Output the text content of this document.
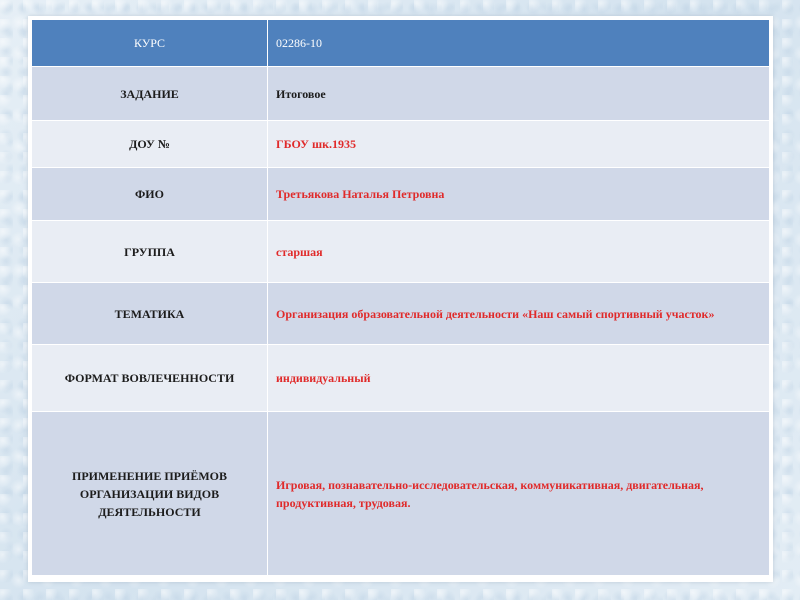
КУРС	02286-10
ЗАДАНИЕ	Итоговое
ДОУ №	ГБОУ шк.1935
ФИО	Третьякова Наталья Петровна
ГРУППА	старшая
ТЕМАТИКА	Организация образовательной деятельности «Наш самый спортивный участок»
ФОРМАТ ВОВЛЕЧЕННОСТИ	индивидуальный
ПРИМЕНЕНИЕ ПРИЁМОВ ОРГАНИЗАЦИИ ВИДОВ ДЕЯТЕЛЬНОСТИ	Игровая, познавательно-исследовательская, коммуникативная, двигательная, продуктивная, трудовая.
